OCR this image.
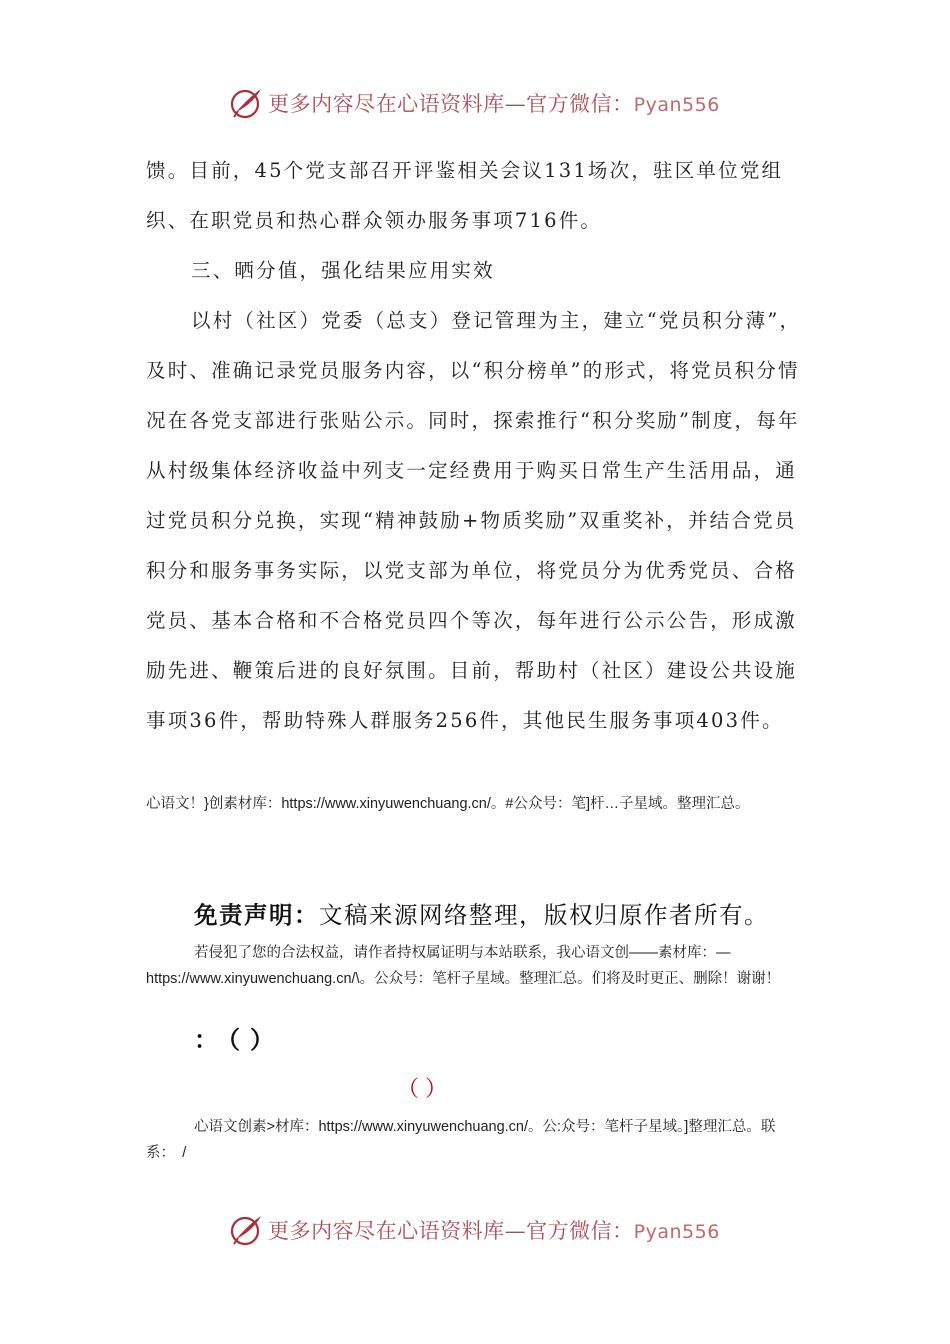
更多内容尽在心语资料库—官方微信：Pyan556

馈。目前，45个党支部召开评鉴相关会议131场次，驻区单位党组织、在职党员和热心群众领办服务事项716件。

三、晒分值，强化结果应用实效

以村（社区）党委（总支）登记管理为主，建立“党员积分薄”，及时、准确记录党员服务内容，以“积分榜单”的形式，将党员积分情况在各党支部进行张贴公示。同时，探索推行“积分奖励”制度，每年从村级集体经济收益中列支一定经费用于购买日常生产生活用品，通过党员积分兑换，实现“精神鼓励+物质奖励”双重奖补，并结合党员积分和服务事务实际，以党支部为单位，将党员分为优秀党员、合格党员、基本合格和不合格党员四个等次，每年进行公示公告，形成激励先进、鞭策后进的良好氛围。目前，帮助村（社区）建设公共设施事项36件，帮助特殊人群服务256件，其他民生服务事项403件。

心语文！}创素材库：https://www.xinyuwenchuang.cn/。#公众号：笔]杆…子星域。整理汇总。
免责声明：文稿来源网络整理，版权归原作者所有。
若侵犯了您的合法权益，请作者持权属证明与本站联系，我心语文创——素材库：—https://www.xinyuwenchuang.cn/\。公众号：笔杆子星域。整理汇总。们将及时更正、删除！谢谢！
：（）
（）
心语文创素>材库：https://www.xinyuwenchuang.cn/。公:众号：笔杆子星域。]整理汇总。联系：　/
更多内容尽在心语资料库—官方微信：Pyan556
